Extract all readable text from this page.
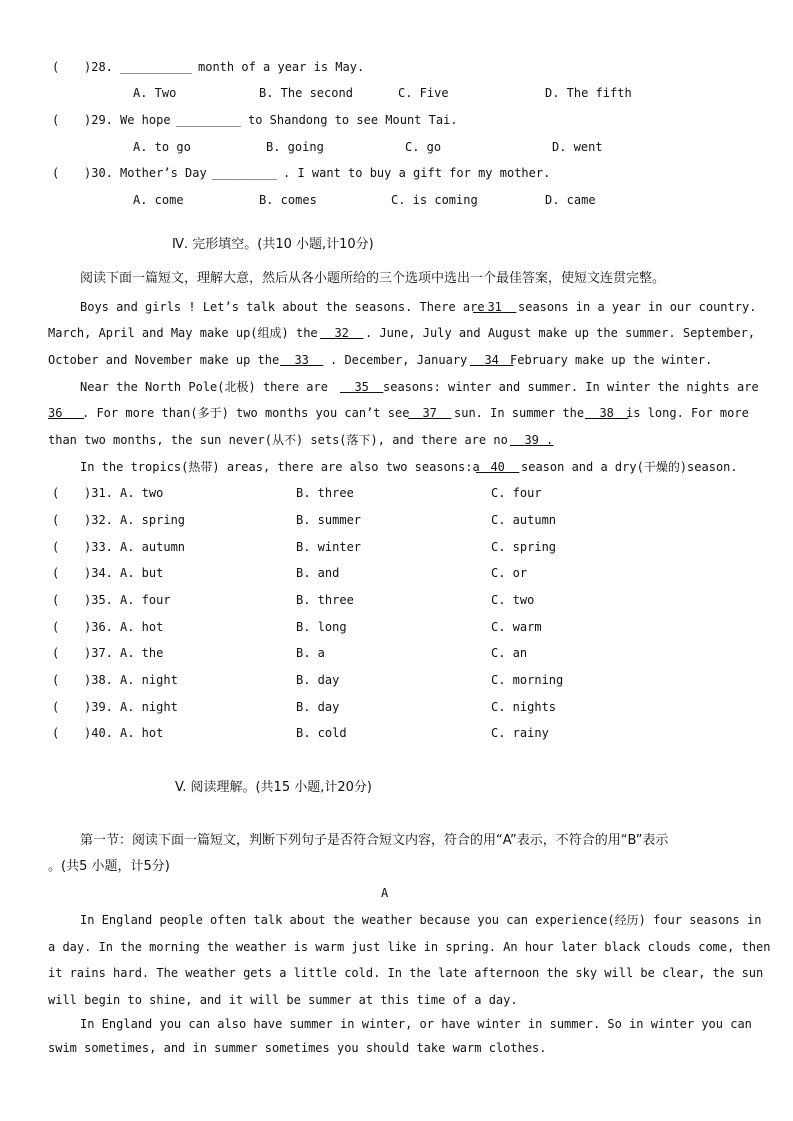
( )28. __________ month of a year is May.
A. Two	B. The second	C. Five	D. The fifth
( )29. We hope _________ to Shandong to see Mount Tai.
A. to go	B. going	C. go	D. went
( )30. Mother’s Day _________ . I want to buy a gift for my mother.
A. come	B. comes	C. is coming	D. came
Ⅳ. 完形填空。(共10 小题,计10分)
阅读下面一篇短文，理解大意，然后从各小题所给的三个选项中选出一个最佳答案，使短文连贯完整。
Boys and girls ! Let’s talk about the seasons. There are 31	seasons in a year in our country.
March, April and May make up(组成) the	32	. June, July and August make up the summer. September,
October and November make up the	33	. December, January	34 February make up the winter.
Near the North Pole(北极) there are	35	seasons: winter and summer. In winter the nights are
36	. For more than(多于) two months you can’t see	37	sun. In summer the	38	is long. For more
than two months, the sun never(从不) sets(落下), and there are no	39 .
In the tropics(热带) areas, there are also two seasons:a 40	season and a dry(干燥的)season.
( )31. A. two	B. three	C. four
( )32. A. spring	B. summer	C. autumn
( )33. A. autumn	B. winter	C. spring
( )34. A. but	B. and	C. or
( )35. A. four	B. three	C. two
( )36. A. hot	B. long	C. warm
( )37. A. the	B. a	C. an
( )38. A. night	B. day	C. morning
( )39. A. night	B. day	C. nights
( )40. A. hot	B. cold	C. rainy
V. 阅读理解。(共15 小题,计20分)
第一节：阅读下面一篇短文，判断下列句子是否符合短文内容，符合的用“A”表示，不符合的用“B”表示
。(共5 小题，计5分)
A
In England people often talk about the weather because you can experience(经历) four seasons in
a day. In the morning the weather is warm just like in spring. An hour later black clouds come, then
it rains hard. The weather gets a little cold. In the late afternoon the sky will be clear, the sun
will begin to shine, and it will be summer at this time of a day.
In England you can also have summer in winter, or have winter in summer. So in winter you can
swim sometimes, and in summer sometimes you should take warm clothes.
